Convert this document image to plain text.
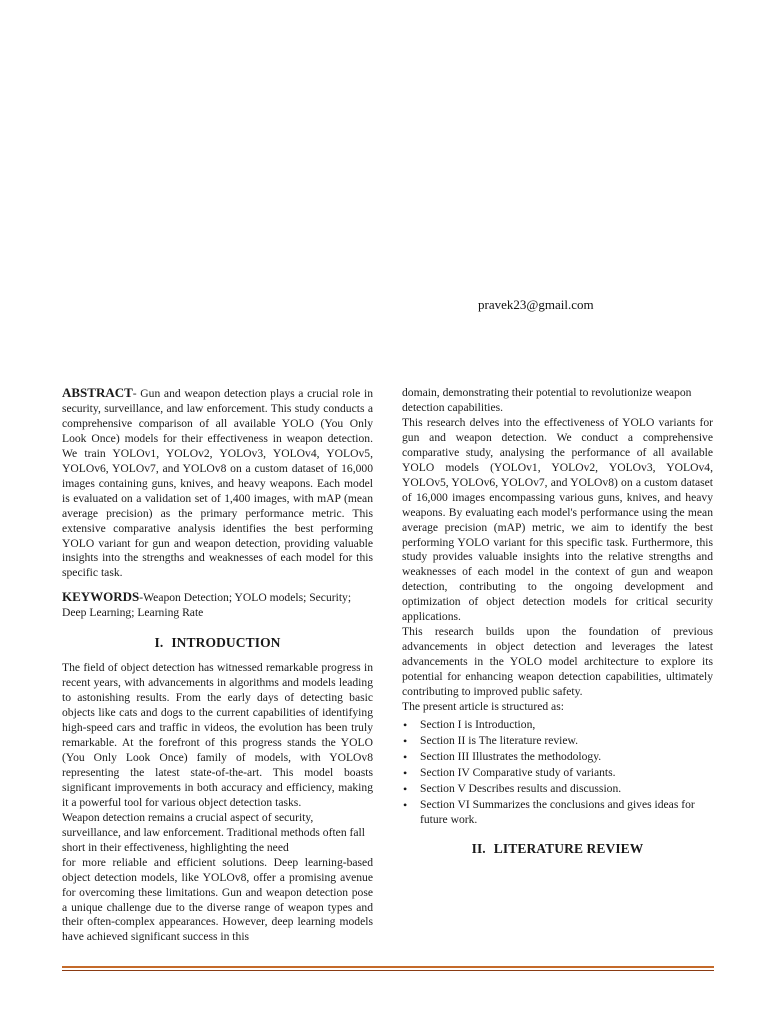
pravek23@gmail.com

ABSTRACT- Gun and weapon detection plays a crucial role in security, surveillance, and law enforcement. This study conducts a comprehensive comparison of all available YOLO (You Only Look Once) models for their effectiveness in weapon detection. We train YOLOv1, YOLOv2, YOLOv3, YOLOv4, YOLOv5, YOLOv6, YOLOv7, and YOLOv8 on a custom dataset of 16,000 images containing guns, knives, and heavy weapons. Each model is evaluated on a validation set of 1,400 images, with mAP (mean average precision) as the primary performance metric. This extensive comparative analysis identifies the best performing YOLO variant for gun and weapon detection, providing valuable insights into the strengths and weaknesses of each model for this specific task.

KEYWORDS-Weapon Detection; YOLO models; Security; Deep Learning; Learning Rate

I. INTRODUCTION

The field of object detection has witnessed remarkable progress in recent years, with advancements in algorithms and models leading to astonishing results. From the early days of detecting basic objects like cats and dogs to the current capabilities of identifying high-speed cars and traffic in videos, the evolution has been truly remarkable. At the forefront of this progress stands the YOLO (You Only Look Once) family of models, with YOLOv8 representing the latest state-of-the-art. This model boasts significant improvements in both accuracy and efficiency, making it a powerful tool for various object detection tasks.

Weapon detection remains a crucial aspect of security, surveillance, and law enforcement. Traditional methods often fall short in their effectiveness, highlighting the need

for more reliable and efficient solutions. Deep learning-based object detection models, like YOLOv8, offer a promising avenue for overcoming these limitations. Gun and weapon detection pose a unique challenge due to the diverse range of weapon types and their often-complex appearances. However, deep learning models have achieved significant success in this

domain, demonstrating their potential to revolutionize weapon detection capabilities.

This research delves into the effectiveness of YOLO variants for gun and weapon detection. We conduct a comprehensive comparative study, analysing the performance of all available YOLO models (YOLOv1, YOLOv2, YOLOv3, YOLOv4, YOLOv5, YOLOv6, YOLOv7, and YOLOv8) on a custom dataset of 16,000 images encompassing various guns, knives, and heavy weapons. By evaluating each model's performance using the mean average precision (mAP) metric, we aim to identify the best performing YOLO variant for this specific task. Furthermore, this study provides valuable insights into the relative strengths and weaknesses of each model in the context of gun and weapon detection, contributing to the ongoing development and optimization of object detection models for critical security applications.

This research builds upon the foundation of previous advancements in object detection and leverages the latest advancements in the YOLO model architecture to explore its potential for enhancing weapon detection capabilities, ultimately contributing to improved public safety.

The present article is structured as:

• Section I is Introduction,
• Section II is The literature review.
• Section III Illustrates the methodology.
• Section IV Comparative study of variants.
• Section V Describes results and discussion.
• Section VI Summarizes the conclusions and gives ideas for future work.

II. LITERATURE REVIEW
